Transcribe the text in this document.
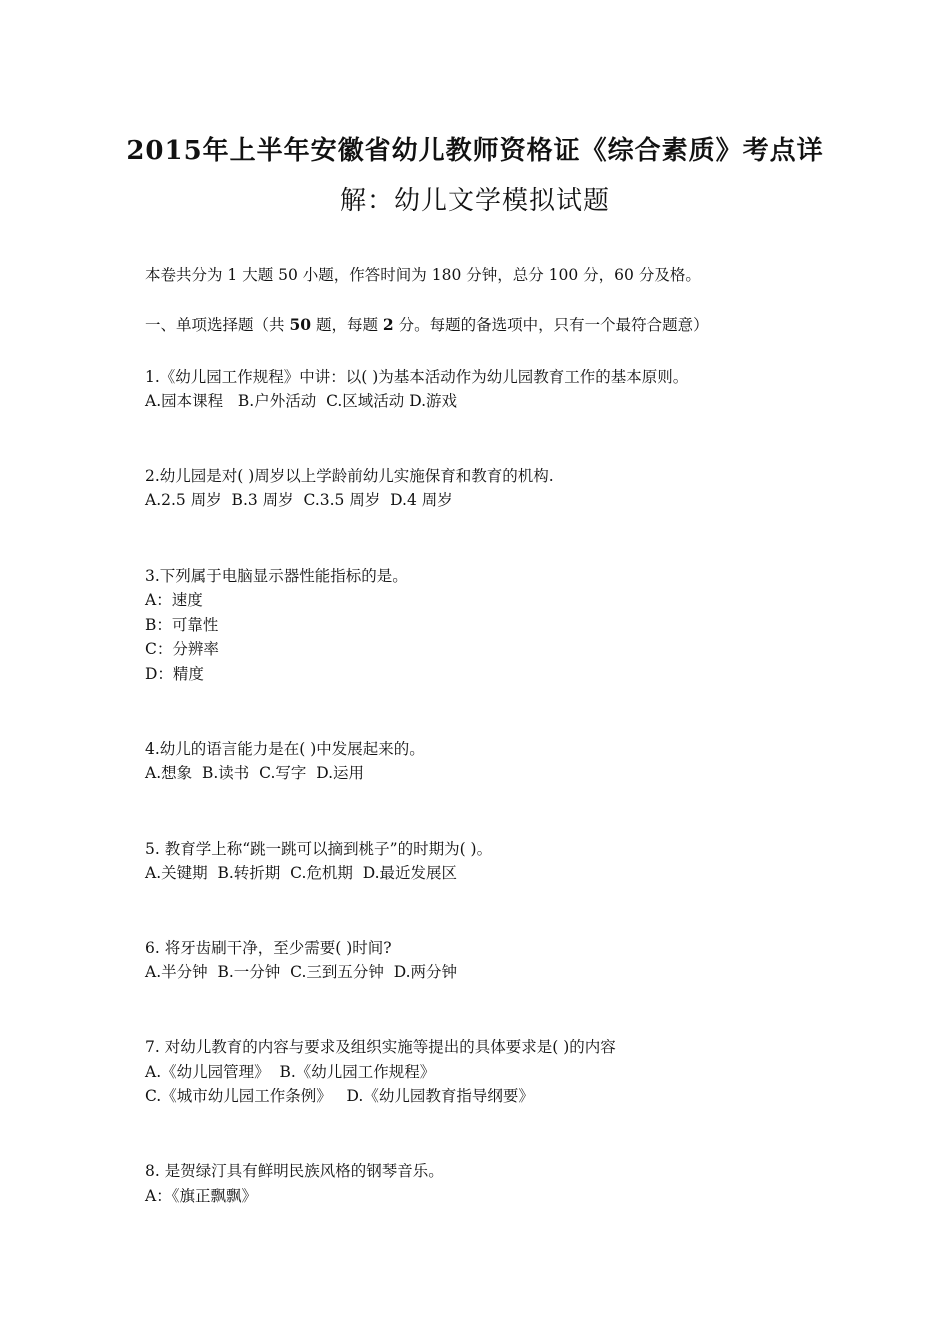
2015年上半年安徽省幼儿教师资格证《综合素质》考点详
解：幼儿文学模拟试题
本卷共分为 1 大题 50 小题，作答时间为 180 分钟，总分 100 分，60 分及格。
一、单项选择题（共 50 题，每题 2 分。每题的备选项中，只有一个最符合题意）
1.《幼儿园工作规程》中讲：以( )为基本活动作为幼儿园教育工作的基本原则。
A.园本课程   B.户外活动  C.区域活动 D.游戏
2.幼儿园是对( )周岁以上学龄前幼儿实施保育和教育的机构.
A.2.5 周岁  B.3 周岁  C.3.5 周岁  D.4 周岁
3.下列属于电脑显示器性能指标的是。
A：速度
B：可靠性
C：分辨率
D：精度
4.幼儿的语言能力是在( )中发展起来的。
A.想象  B.读书  C.写字  D.运用
5. 教育学上称“跳一跳可以摘到桃子”的时期为( )。
A.关键期  B.转折期  C.危机期  D.最近发展区
6. 将牙齿刷干净，至少需要( )时间?
A.半分钟  B.一分钟  C.三到五分钟  D.两分钟
7. 对幼儿教育的内容与要求及组织实施等提出的具体要求是( )的内容
A.《幼儿园管理》  B.《幼儿园工作规程》
C.《城市幼儿园工作条例》   D.《幼儿园教育指导纲要》
8. 是贺绿汀具有鲜明民族风格的钢琴音乐。
A：《旗正飘飘》
